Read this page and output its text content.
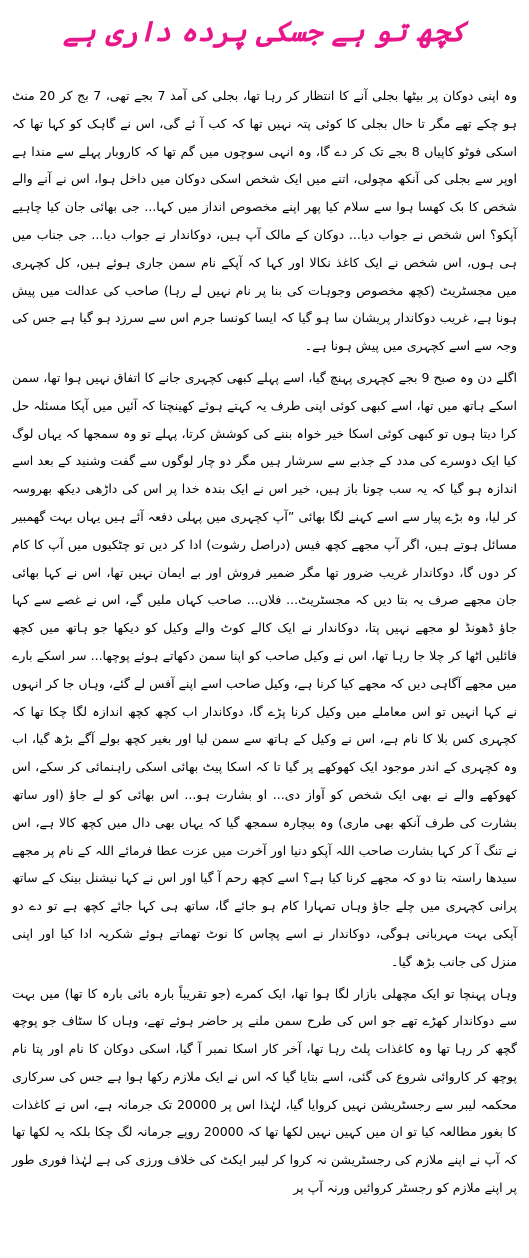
کچھ تو ہے جسکی پردہ داری ہے

وہ اپنی دوکان پر بیٹھا بجلی آنے کا انتظار کر رہا تھا، بجلی کی آمد 7 بجے تھی، 7 بج کر 20 منٹ ہو چکے تھے مگر تا حال بجلی کا کوئی پتہ نہیں تھا کہ کب آ ئے گی، اس نے گاہک کو کہا تھا کہ اسکی فوٹو کاپیاں 8 بجے تک کر دے گا، وہ انہی سوچوں میں گم تھا کہ کاروبار پہلے سے مندا ہے اوپر سے بجلی کی آنکھ مچولی، اتنے میں ایک شخص اسکی دوکان میں داخل ہوا، اس نے آنے والے شخص کا بک کھسا ہوا سے سلام کیا پھر اپنے مخصوص انداز میں کہا... جی بھائی جان کیا چاہیے آپکو؟ اس شخص نے جواب دیا... دوکان کے مالک آپ ہیں، دوکاندار نے جواب دیا... جی جناب میں ہی ہوں، اس شخص نے ایک کاغذ نکالا اور کہا کہ آپکے نام سمن جاری ہوئے ہیں، کل کچہری میں مجسٹریٹ (کچھ مخصوص وجوہات کی بنا پر نام نہیں لے رہا) صاحب کی عدالت میں پیش ہونا ہے، غریب دوکاندار پریشان سا ہو گیا کہ ایسا کونسا جرم اس سے سرزد ہو گیا ہے جس کی وجہ سے اسے کچہری میں پیش ہونا ہے۔

اگلے دن وہ صبح 9 بجے کچہری پہنچ گیا، اسے پہلے کبھی کچہری جانے کا اتفاق نہیں ہوا تھا، سمن اسکے ہاتھ میں تھا، اسے کبھی کوئی اپنی طرف یہ کہتے ہوئے کھینچتا کہ آئیں میں آپکا مسئلہ حل کرا دیتا ہوں تو کبھی کوئی اسکا خیر خواہ بننے کی کوشش کرتا، پہلے تو وہ سمجھا کہ یہاں لوگ کیا ایک دوسرے کی مدد کے جذبے سے سرشار ہیں مگر دو چار لوگوں سے گفت وشنید کے بعد اسے اندازہ ہو گیا کہ یہ سب چونا باز ہیں، خیر اس نے ایک بندہ خدا پر اس کی داڑھی دیکھ بھروسہ کر لیا، وہ بڑے پیار سے اسے کہنے لگا بھائی ”آپ کچہری میں پہلی دفعہ آئے ہیں یہاں بہت گھمبیر مسائل ہوتے ہیں، اگر آپ مجھے کچھ فیس (دراصل رشوت) ادا کر دیں تو چٹکیوں میں آپ کا کام کر دوں گا، دوکاندار غریب ضرور تھا مگر ضمیر فروش اور بے ایمان نہیں تھا، اس نے کہا بھائی جان مجھے صرف یہ بتا دیں کہ مجسٹریٹ... فلاں... صاحب کہاں ملیں گے، اس نے غصے سے کہا جاؤ ڈھونڈ لو مجھے نہیں پتا، دوکاندار نے ایک کالے کوٹ والے وکیل کو دیکھا جو ہاتھ میں کچھ فائلیں اٹھا کر چلا جا رہا تھا، اس نے وکیل صاحب کو اپنا سمن دکھاتے ہوئے پوچھا... سر اسکے بارے میں مجھے آگاہی دیں کہ مجھے کیا کرنا ہے، وکیل صاحب اسے اپنے آفس لے گئے، وہاں جا کر انہوں نے کہا انہیں تو اس معاملے میں وکیل کرنا پڑے گا، دوکاندار اب کچھ کچھ اندازہ لگا چکا تھا کہ کچہری کس بلا کا نام ہے، اس نے وکیل کے ہاتھ سے سمن لیا اور بغیر کچھ بولے آگے بڑھ گیا، اب وہ کچہری کے اندر موجود ایک کھوکھے پر گیا تا کہ اسکا پیٹ بھائی اسکی راہنمائی کر سکے، اس کھوکھے والے نے بھی ایک شخص کو آواز دی... او بشارت ہو... اس بھائی کو لے جاؤ (اور ساتھ بشارت کی طرف آنکھ بھی ماری) وہ بیچارہ سمجھ گیا کہ یہاں بھی دال میں کچھ کالا ہے، اس نے تنگ آ کر کہا بشارت صاحب اللہ آپکو دنیا اور آخرت میں عزت عطا فرمائے اللہ کے نام پر مجھے سیدھا راستہ بتا دو کہ مجھے کرنا کیا ہے؟ اسے کچھ رحم آ گیا اور اس نے کہا نیشنل بینک کے ساتھ پرانی کچہری میں چلے جاؤ وہاں تمہارا کام ہو جائے گا، ساتھ ہی کہا جائے کچھ ہے تو دے دو آپکی بہت مہربانی ہوگی، دوکاندار نے اسے پچاس کا نوٹ تھماتے ہوئے شکریہ ادا کیا اور اپنی منزل کی جانب بڑھ گیا۔

وہاں پہنچا تو ایک مچھلی بازار لگا ہوا تھا، ایک کمرے (جو تقریباً بارہ بائی بارہ کا تھا) میں بہت سے دوکاندار کھڑے تھے جو اس کی طرح سمن ملنے پر حاضر ہوئے تھے، وہاں کا سٹاف جو پوچھ گچھ کر رہا تھا وہ کاغذات پلٹ رہا تھا، آخر کار اسکا نمبر آ گیا، اسکی دوکان کا نام اور پتا نام پوچھ کر کاروائی شروع کی گئی، اسے بتایا گیا کہ اس نے ایک ملازم رکھا ہوا ہے جس کی سرکاری محکمہ لیبر سے رجسٹریشن نہیں کروایا گیا، لہٰذا اس پر 20000 تک جرمانہ ہے، اس نے کاغذات کا بغور مطالعہ کیا تو ان میں کہیں نہیں لکھا تھا کہ 20000 روپے جرمانہ لگ چکا بلکہ یہ لکھا تھا کہ آپ نے اپنے ملازم کی رجسٹریشن نہ کروا کر لیبر ایکٹ کی خلاف ورزی کی ہے لہٰذا فوری طور پر اپنے ملازم کو رجسٹر کروائیں ورنہ آپ پر
